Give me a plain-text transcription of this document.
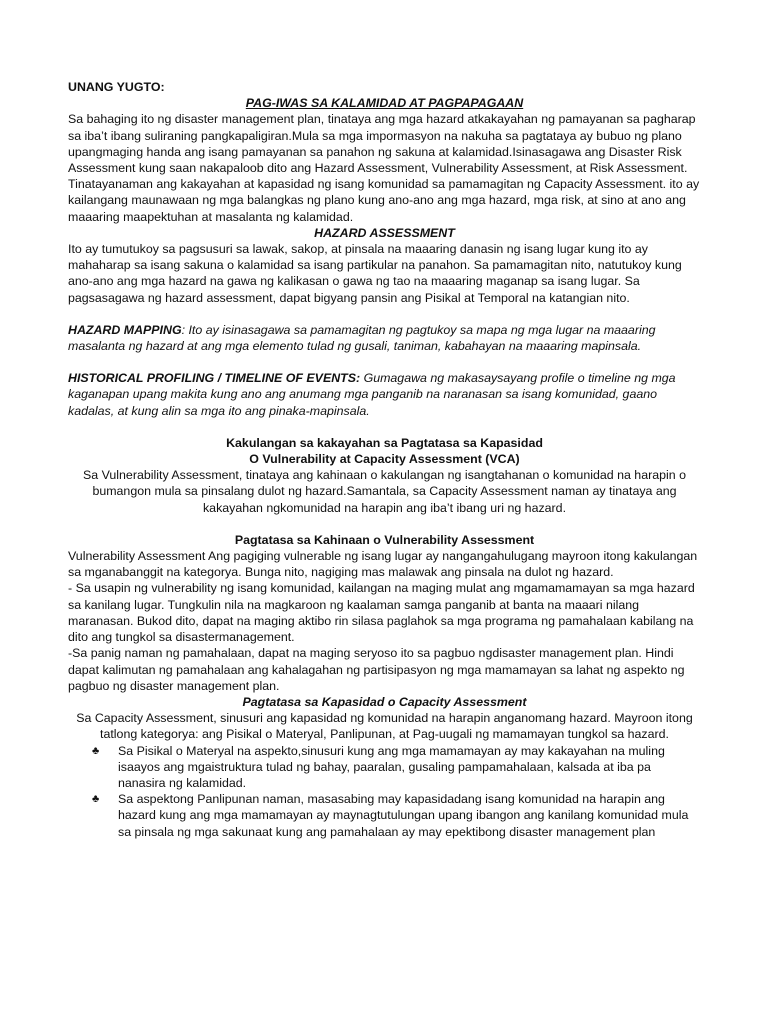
UNANG YUGTO:

PAG-IWAS SA KALAMIDAD AT PAGPAPAGAAN

Sa bahaging ito ng disaster management plan, tinataya ang mga hazard atkakayahan ng pamayanan sa pagharap sa iba’t ibang suliraning pangkapaligiran.Mula sa mga impormasyon na nakuha sa pagtataya ay bubuo ng plano upangmaging handa ang isang pamayanan sa panahon ng sakuna at kalamidad.Isinasagawa ang Disaster Risk Assessment kung saan nakapaloob dito ang Hazard Assessment, Vulnerability Assessment, at Risk Assessment. Tinatayanaman ang kakayahan at kapasidad ng isang komunidad sa pamamagitan ng Capacity Assessment. ito ay kailangang maunawaan ng mga balangkas ng plano kung ano-ano ang mga hazard, mga risk, at sino at ano ang maaaring maapektuhan at masalanta ng kalamidad.

HAZARD ASSESSMENT

Ito ay tumutukoy sa pagsusuri sa lawak, sakop, at pinsala na maaaring danasin ng isang lugar kung ito ay mahaharap sa isang sakuna o kalamidad sa isang partikular na panahon. Sa pamamagitan nito, natutukoy kung ano-ano ang mga hazard na gawa ng kalikasan o gawa ng tao na maaaring maganap sa isang lugar. Sa pagsasagawa ng hazard assessment, dapat bigyang pansin ang Pisikal at Temporal na katangian nito.

HAZARD MAPPING: Ito ay isinasagawa sa pamamagitan ng pagtukoy sa mapa ng mga lugar na maaaring masalanta ng hazard at ang mga elemento tulad ng gusali, taniman, kabahayan na maaaring mapinsala.

HISTORICAL PROFILING / TIMELINE OF EVENTS: Gumagawa ng makasaysayang profile o timeline ng mga kaganapan upang makita kung ano ang anumang mga panganib na naranasan sa isang komunidad, gaano kadalas, at kung alin sa mga ito ang pinaka-mapinsala.

Kakulangan sa kakayahan sa Pagtatasa sa Kapasidad

O Vulnerability at Capacity Assessment (VCA)

Sa Vulnerability Assessment, tinataya ang kahinaan o kakulangan ng isangtahanan o komunidad na harapin o bumangon mula sa pinsalang dulot ng hazard.Samantala, sa Capacity Assessment naman ay tinataya ang kakayahan ngkomunidad na harapin ang iba’t ibang uri ng hazard.

Pagtatasa sa Kahinaan o Vulnerability Assessment

Vulnerability Assessment Ang pagiging vulnerable ng isang lugar ay nangangahulugang mayroon itong kakulangan sa mganabanggit na kategorya. Bunga nito, nagiging mas malawak ang pinsala na dulot ng hazard.

- Sa usapin ng vulnerability ng isang komunidad, kailangan na maging mulat ang mgamamamayan sa mga hazard sa kanilang lugar. Tungkulin nila na magkaroon ng kaalaman samga panganib at banta na maaari nilang maranasan. Bukod dito, dapat na maging aktibo rin silasa paglahok sa mga programa ng pamahalaan kabilang na dito ang tungkol sa disastermanagement.

-Sa panig naman ng pamahalaan, dapat na maging seryoso ito sa pagbuo ngdisaster management plan. Hindi dapat kalimutan ng pamahalaan ang kahalagahan ng partisipasyon ng mga mamamayan sa lahat ng aspekto ng pagbuo ng disaster management plan.

Pagtatasa sa Kapasidad o Capacity Assessment

Sa Capacity Assessment, sinusuri ang kapasidad ng komunidad na harapin anganomang hazard. Mayroon itong tatlong kategorya: ang Pisikal o Materyal, Panlipunan, at Pag-uugali ng mamamayan tungkol sa hazard.

♣	Sa Pisikal o Materyal na aspekto,sinusuri kung ang mga mamamayan ay may kakayahan na muling isaayos ang mgaistruktura tulad ng bahay, paaralan, gusaling pampamahalaan, kalsada at iba pa nanasira ng kalamidad.
♣	Sa aspektong Panlipunan naman, masasabing may kapasidadang isang komunidad na harapin ang hazard kung ang mga mamamayan ay maynagtutulungan upang ibangon ang kanilang komunidad mula sa pinsala ng mga sakunaat kung ang pamahalaan ay may epektibong disaster management plan
